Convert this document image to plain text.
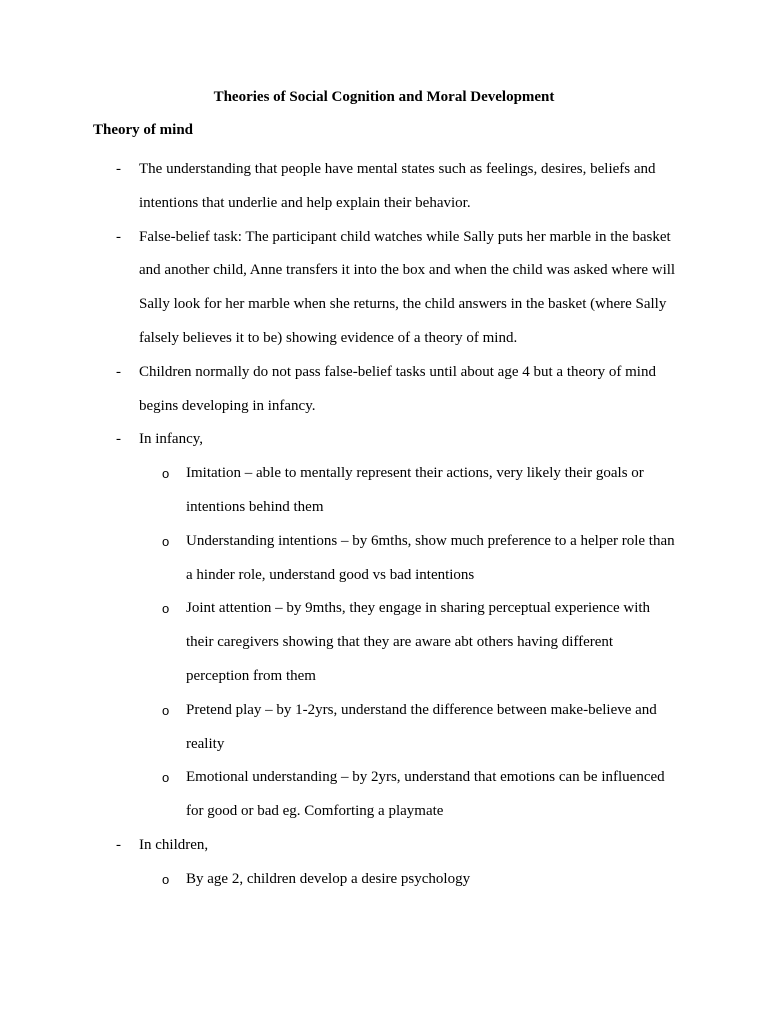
Theories of Social Cognition and Moral Development
Theory of mind
- The understanding that people have mental states such as feelings, desires, beliefs and intentions that underlie and help explain their behavior.
- False-belief task: The participant child watches while Sally puts her marble in the basket and another child, Anne transfers it into the box and when the child was asked where will Sally look for her marble when she returns, the child answers in the basket (where Sally falsely believes it to be) showing evidence of a theory of mind.
- Children normally do not pass false-belief tasks until about age 4 but a theory of mind begins developing in infancy.
- In infancy,
o Imitation – able to mentally represent their actions, very likely their goals or intentions behind them
o Understanding intentions – by 6mths, show much preference to a helper role than a hinder role, understand good vs bad intentions
o Joint attention – by 9mths, they engage in sharing perceptual experience with their caregivers showing that they are aware abt others having different perception from them
o Pretend play – by 1-2yrs, understand the difference between make-believe and reality
o Emotional understanding – by 2yrs, understand that emotions can be influenced for good or bad eg. Comforting a playmate
- In children,
o By age 2, children develop a desire psychology
